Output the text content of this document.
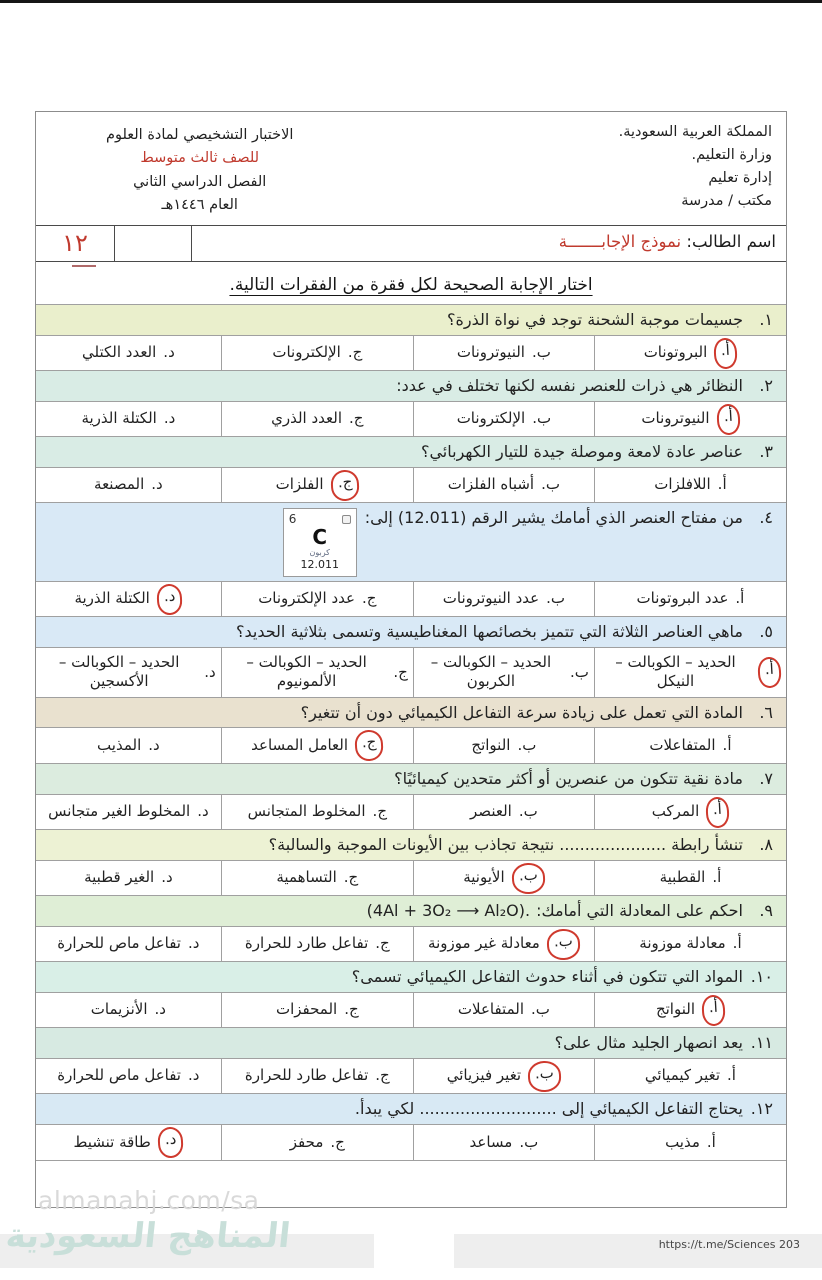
المملكة العربية السعودية.
وزارة التعليم.
إدارة تعليم
مكتب / مدرسة
الاختبار التشخيصي لمادة العلوم
للصف ثالث متوسط
الفصل الدراسي الثاني
العام ١٤٤٦هـ
اسم الطالب: نموذج الإجابـــــــة
١٢
اختار الإجابة الصحيحة لكل فقرة من الفقرات التالية.
١.
جسيمات موجبة الشحنة توجد في نواة الذرة؟
أ.
البروتونات
ب.
النيوترونات
ج.
الإلكترونات
د.
العدد الكتلي
٢.
النظائر هي ذرات للعنصر نفسه لكنها تختلف في عدد:
أ.
النيوترونات
ب.
الإلكترونات
ج.
العدد الذري
د.
الكتلة الذرية
٣.
عناصر عادة لامعة وموصلة جيدة للتيار الكهربائي؟
أ.
اللافلزات
ب.
أشباه الفلزات
ج.
الفلزات
د.
المصنعة
٤.
من مفتاح العنصر الذي أمامك يشير الرقم (12.011) إلى:
6
C
كربون
12.011
أ.
عدد البروتونات
ب.
عدد النيوترونات
ج.
عدد الإلكترونات
د.
الكتلة الذرية
٥.
ماهي العناصر الثلاثة التي تتميز بخصائصها المغناطيسية وتسمى بثلاثية الحديد؟
أ.
الحديد – الكوبالت – النيكل
ب.
الحديد – الكوبالت – الكربون
ج.
الحديد – الكوبالت – الألمونيوم
د.
الحديد – الكوبالت – الأكسجين
٦.
المادة التي تعمل على زيادة سرعة التفاعل الكيميائي دون أن تتغير؟
أ.
المتفاعلات
ب.
النواتج
ج.
العامل المساعد
د.
المذيب
٧.
مادة نقية تتكون من عنصرين أو أكثر متحدين كيميائيًا؟
أ.
المركب
ب.
العنصر
ج.
المخلوط المتجانس
د.
المخلوط الغير متجانس
٨.
تنشأ رابطة ..................... نتيجة تجاذب بين الأيونات الموجبة والسالبة؟
أ.
القطبية
ب.
الأيونية
ج.
التساهمية
د.
الغير قطبية
٩.
احكم على المعادلة التي أمامك:
(4Al + 3O₂ ⟶ Al₂O).
أ.
معادلة موزونة
ب.
معادلة غير موزونة
ج.
تفاعل طارد للحرارة
د.
تفاعل ماص للحرارة
١٠.
المواد التي تتكون في أثناء حدوث التفاعل الكيميائي تسمى؟
أ.
النواتج
ب.
المتفاعلات
ج.
المحفزات
د.
الأنزيمات
١١.
يعد انصهار الجليد مثال على؟
أ.
تغير كيميائي
ب.
تغير فيزيائي
ج.
تفاعل طارد للحرارة
د.
تفاعل ماص للحرارة
١٢.
يحتاج التفاعل الكيميائي إلى ........................... لكي يبدأ.
أ.
مذيب
ب.
مساعد
ج.
محفز
د.
طاقة تنشيط
almanahj.com/sa
المناهج السعودية	https://t.me/Sciences 203
